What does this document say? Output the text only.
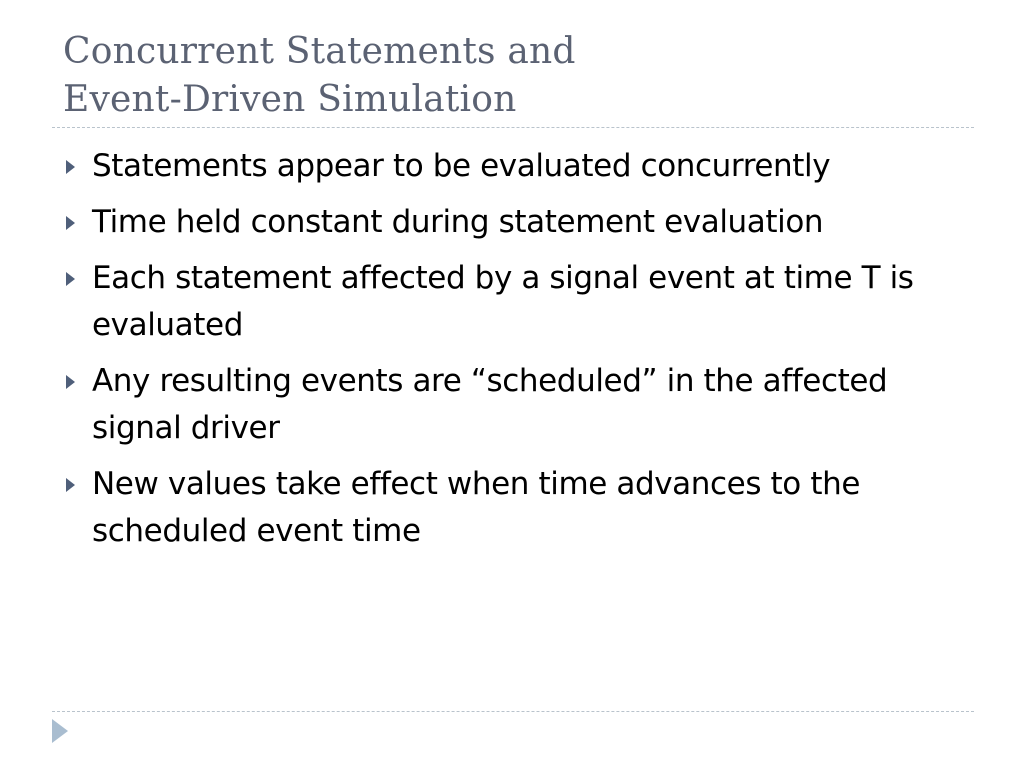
Concurrent Statements and
Event-Driven Simulation
Statements appear to be evaluated concurrently
Time held constant during statement evaluation
Each statement affected by a signal event at time T is evaluated
Any resulting events are “scheduled” in the affected signal driver
New values take effect when time advances to the scheduled event time
